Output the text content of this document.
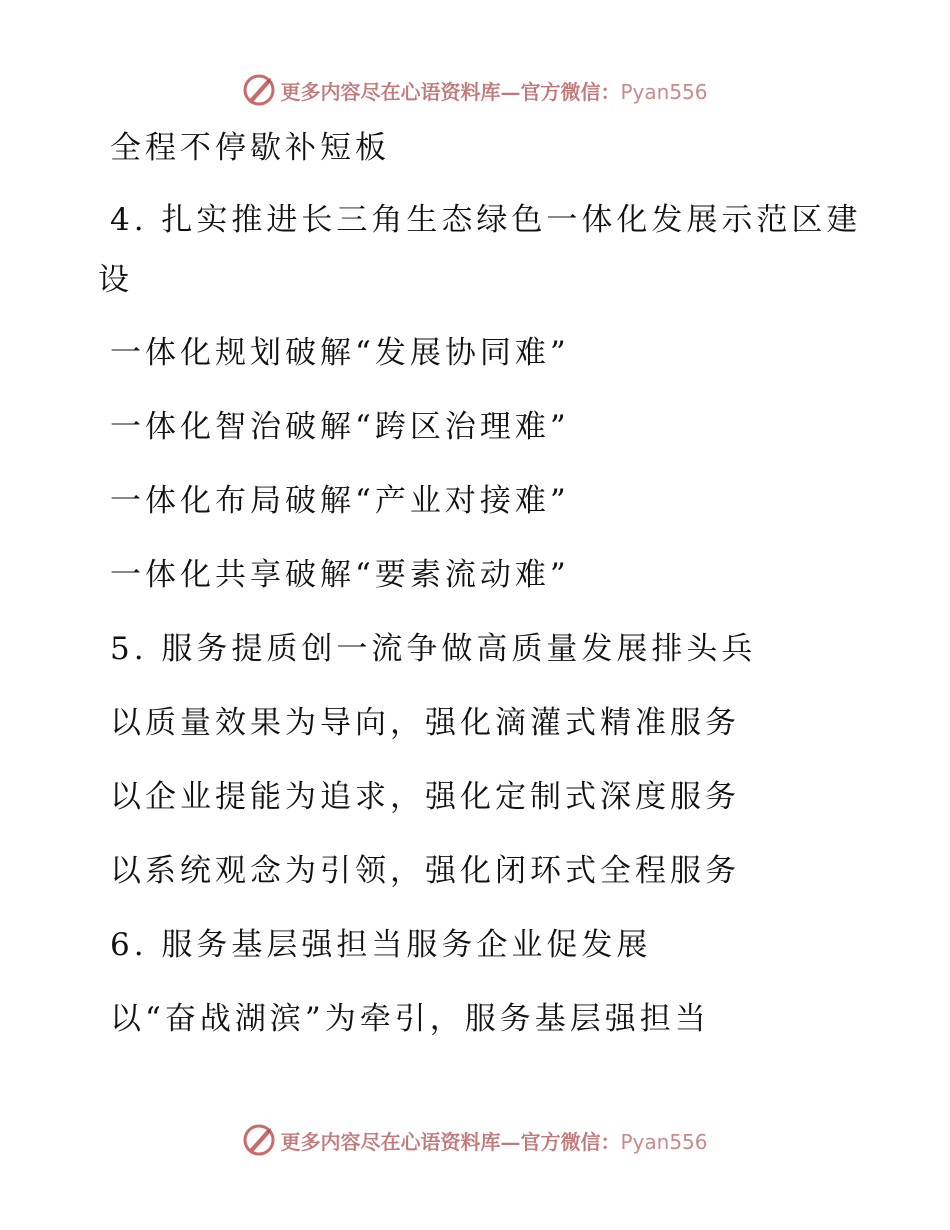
更多内容尽在心语资料库—官方微信：Pyan556
全程不停歇补短板
4. 扎实推进长三角生态绿色一体化发展示范区建
设
一体化规划破解“发展协同难”
一体化智治破解“跨区治理难”
一体化布局破解“产业对接难”
一体化共享破解“要素流动难”
5. 服务提质创一流争做高质量发展排头兵
以质量效果为导向，强化滴灌式精准服务
以企业提能为追求，强化定制式深度服务
以系统观念为引领，强化闭环式全程服务
6. 服务基层强担当服务企业促发展
以“奋战湖滨”为牵引，服务基层强担当
更多内容尽在心语资料库—官方微信：Pyan556
